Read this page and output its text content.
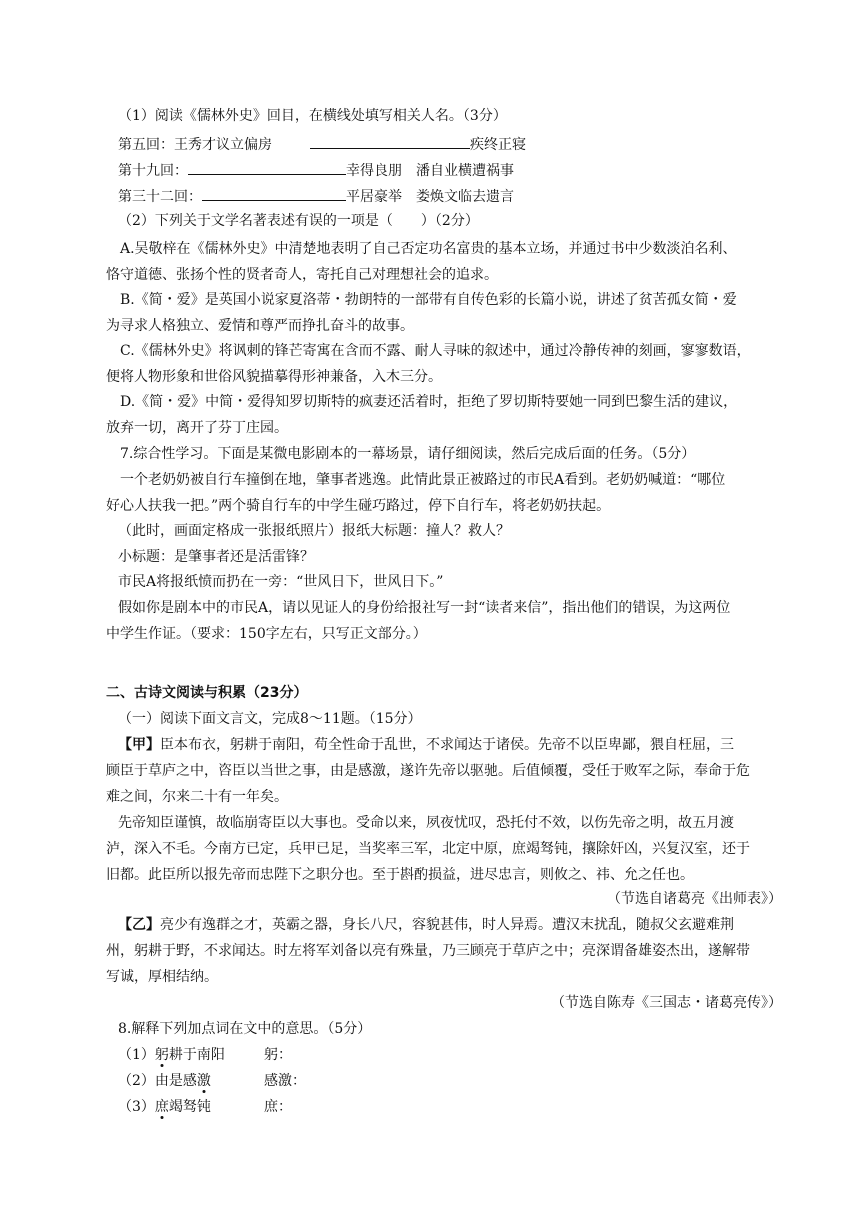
（1）阅读《儒林外史》回目，在横线处填写相关人名。（3分）
第五回：王秀才议立偏房	疾终正寝
第十九回：	幸得良朋　潘自业横遭祸事
第三十二回：	平居豪举　娄焕文临去遗言
（2）下列关于文学名著表述有误的一项是（　　）（2分）
A.吴敬梓在《儒林外史》中清楚地表明了自己否定功名富贵的基本立场，并通过书中少数淡泊名利、
恪守道德、张扬个性的贤者奇人，寄托自己对理想社会的追求。
B.《简・爱》是英国小说家夏洛蒂・勃朗特的一部带有自传色彩的长篇小说，讲述了贫苦孤女简・爱
为寻求人格独立、爱情和尊严而挣扎奋斗的故事。
C.《儒林外史》将讽刺的锋芒寄寓在含而不露、耐人寻味的叙述中，通过冷静传神的刻画，寥寥数语，
便将人物形象和世俗风貌描摹得形神兼备，入木三分。
D.《简・爱》中简・爱得知罗切斯特的疯妻还活着时，拒绝了罗切斯特要她一同到巴黎生活的建议，
放弃一切，离开了芬丁庄园。
7.综合性学习。下面是某微电影剧本的一幕场景，请仔细阅读，然后完成后面的任务。（5分）
一个老奶奶被自行车撞倒在地，肇事者逃逸。此情此景正被路过的市民A看到。老奶奶喊道：“哪位
好心人扶我一把。”两个骑自行车的中学生碰巧路过，停下自行车，将老奶奶扶起。
（此时，画面定格成一张报纸照片）报纸大标题：撞人？救人？
小标题：是肇事者还是活雷锋？
市民A将报纸愤而扔在一旁：“世风日下，世风日下。”
假如你是剧本中的市民A，请以见证人的身份给报社写一封“读者来信”，指出他们的错误，为这两位
中学生作证。（要求：150字左右，只写正文部分。）
二、古诗文阅读与积累（23分）
（一）阅读下面文言文，完成8～11题。（15分）
【甲】臣本布衣，躬耕于南阳，苟全性命于乱世，不求闻达于诸侯。先帝不以臣卑鄙，猥自枉屈，三
顾臣于草庐之中，咨臣以当世之事，由是感激，遂许先帝以驱驰。后值倾覆，受任于败军之际，奉命于危
难之间，尔来二十有一年矣。
先帝知臣谨慎，故临崩寄臣以大事也。受命以来，夙夜忧叹，恐托付不效，以伤先帝之明，故五月渡
泸，深入不毛。今南方已定，兵甲已足，当奖率三军，北定中原，庶竭驽钝，攘除奸凶，兴复汉室，还于
旧都。此臣所以报先帝而忠陛下之职分也。至于斟酌损益，进尽忠言，则攸之、祎、允之任也。
（节选自诸葛亮《出师表》）
【乙】亮少有逸群之才，英霸之器，身长八尺，容貌甚伟，时人异焉。遭汉末扰乱，随叔父玄避难荆
州，躬耕于野，不求闻达。时左将军刘备以亮有殊量，乃三顾亮于草庐之中；亮深谓备雄姿杰出，遂解带
写诚，厚相结纳。
（节选自陈寿《三国志・诸葛亮传》）
8.解释下列加点词在文中的意思。（5分）
（1）躬耕于南阳	躬：
（2）由是感激	感激：
（3）庶竭驽钝	庶：
